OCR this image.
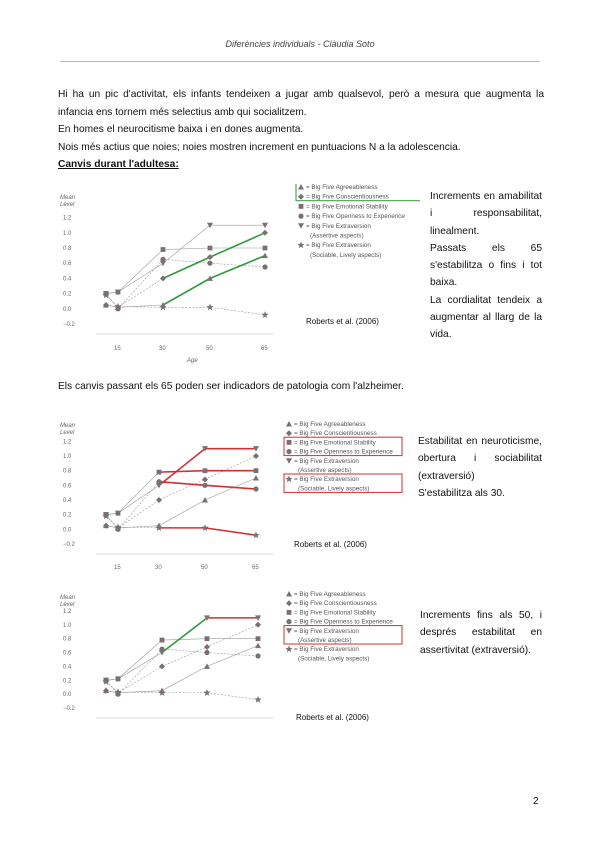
Diferències individuals - Clàudia Soto

Hi ha un pic d'activitat, els infants tendeixen a jugar amb qualsevol, però a mesura que augmenta la infancia ens tornem més selectius amb qui socialitzem.

En homes el neurocitisme baixa i en dones augmenta.

Nois més actius que noies; noies mostren increment en puntuacions N a la adolescencia.

Canvis durant l'adultesa:

Mean
Level
1.2
1.0
0.8
0.6
0.4
0.2
0.0
−0.2
15	30	50	65
Age
= Big Five Agreeableness
= Big Five Conscientiousness
= Big Five Emotional Stability
= Big Five Openness to Experience
= Big Five Extraversion
(Assertive aspects)
= Big Five Extraversion
(Sociable, Lively aspects)
Roberts et al. (2006)

Increments en amabilitat i responsabilitat, linealment.

Passats els 65 s'estabilitza o fins i tot baixa.

La cordialitat tendeix a augmentar al llarg de la vida.

Els canvis passant els 65 poden ser indicadors de patologia com l'alzheimer.
Mean
Level
1.2
1.0
0.8
0.6
0.4
0.2
0.0
−0.2
15	30	50	65
= Big Five Agreeableness
= Big Five Conscientiousness
= Big Five Emotional Stability
= Big Five Openness to Experience
= Big Five Extraversion
(Assertive aspects)
= Big Five Extraversion
(Sociable, Lively aspects)
Roberts et al. (2006)

Estabilitat en neuroticisme, obertura i sociabilitat (extraversió)

S'estabilitza als 30.

Mean
Level
1.2
1.0
0.8
0.6
0.4
0.2
0.0
−0.2
= Big Five Agreeableness
= Big Five Conscientiousness
= Big Five Emotional Stability
= Big Five Openness to Experience
= Big Five Extraversion
(Assertive aspects)
= Big Five Extraversion
(Sociable, Lively aspects)
Roberts et al. (2006)

Increments fins als 50, i després estabilitat en assertivitat (extraversió).

2
